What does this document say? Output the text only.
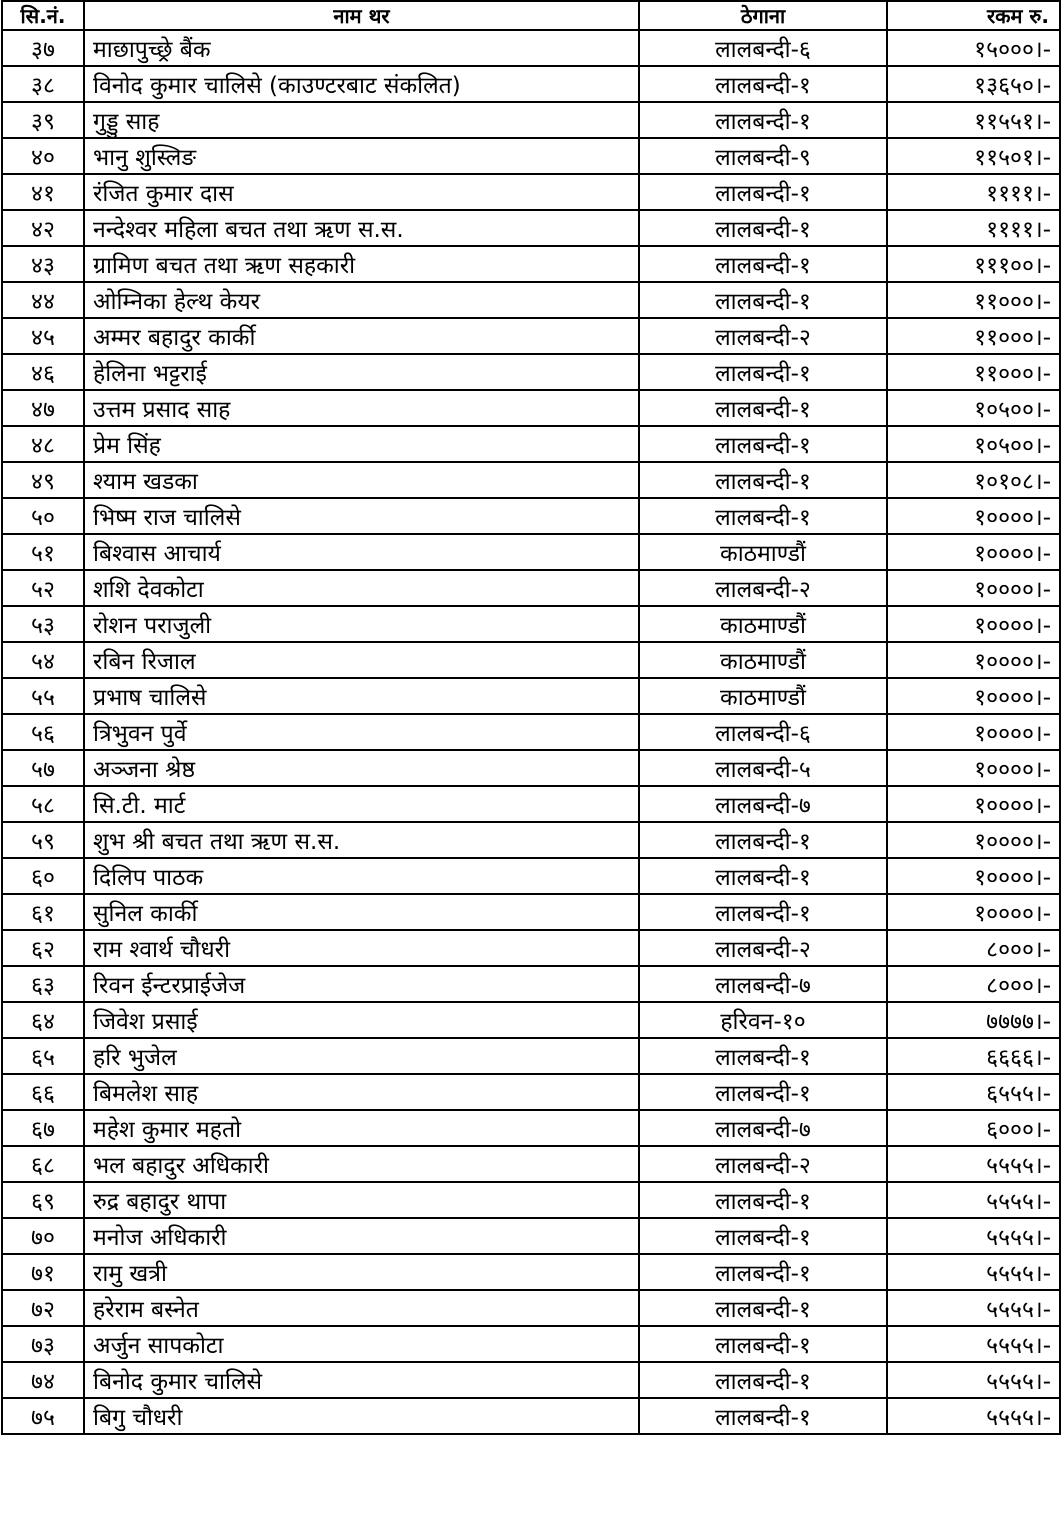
सि.नं.	नाम थर	ठेगाना	रकम रु.
३७	माछापुच्छ्रे बैंक	लालबन्दी-६	१५०००।-
३८	विनोद कुमार चालिसे (काउण्टरबाट संकलित)	लालबन्दी-१	१३६५०।-
३९	गुड्डु साह	लालबन्दी-१	११५५१।-
४०	भानु शुस्लिङ	लालबन्दी-९	११५०१।-
४१	रंजित कुमार दास	लालबन्दी-१	११११।-
४२	नन्देश्वर महिला बचत तथा ऋण स.स.	लालबन्दी-१	११११।-
४३	ग्रामिण बचत तथा ऋण सहकारी	लालबन्दी-१	१११००।-
४४	ओम्निका हेल्थ केयर	लालबन्दी-१	११०००।-
४५	अम्मर बहादुर कार्की	लालबन्दी-२	११०००।-
४६	हेलिना भट्टराई	लालबन्दी-१	११०००।-
४७	उत्तम प्रसाद साह	लालबन्दी-१	१०५००।-
४८	प्रेम सिंह	लालबन्दी-१	१०५००।-
४९	श्याम खडका	लालबन्दी-१	१०१०८।-
५०	भिष्म राज चालिसे	लालबन्दी-१	१००००।-
५१	बिश्वास आचार्य	काठमाण्डौं	१००००।-
५२	शशि देवकोटा	लालबन्दी-२	१००००।-
५३	रोशन पराजुली	काठमाण्डौं	१००००।-
५४	रबिन रिजाल	काठमाण्डौं	१००००।-
५५	प्रभाष चालिसे	काठमाण्डौं	१००००।-
५६	त्रिभुवन पुर्वे	लालबन्दी-६	१००००।-
५७	अञ्जना श्रेष्ठ	लालबन्दी-५	१००००।-
५८	सि.टी. मार्ट	लालबन्दी-७	१००००।-
५९	शुभ श्री बचत तथा ऋण स.स.	लालबन्दी-१	१००००।-
६०	दिलिप पाठक	लालबन्दी-१	१००००।-
६१	सुनिल कार्की	लालबन्दी-१	१००००।-
६२	राम श्वार्थ चौधरी	लालबन्दी-२	८०००।-
६३	रिवन ईन्टरप्राईजेज	लालबन्दी-७	८०००।-
६४	जिवेश प्रसाई	हरिवन-१०	७७७७।-
६५	हरि भुजेल	लालबन्दी-१	६६६६।-
६६	बिमलेश साह	लालबन्दी-१	६५५५।-
६७	महेश कुमार महतो	लालबन्दी-७	६०००।-
६८	भल बहादुर अधिकारी	लालबन्दी-२	५५५५।-
६९	रुद्र बहादुर थापा	लालबन्दी-१	५५५५।-
७०	मनोज अधिकारी	लालबन्दी-१	५५५५।-
७१	रामु खत्री	लालबन्दी-१	५५५५।-
७२	हरेराम बस्नेत	लालबन्दी-१	५५५५।-
७३	अर्जुन सापकोटा	लालबन्दी-१	५५५५।-
७४	बिनोद कुमार चालिसे	लालबन्दी-१	५५५५।-
७५	बिगु चौधरी	लालबन्दी-१	५५५५।-
